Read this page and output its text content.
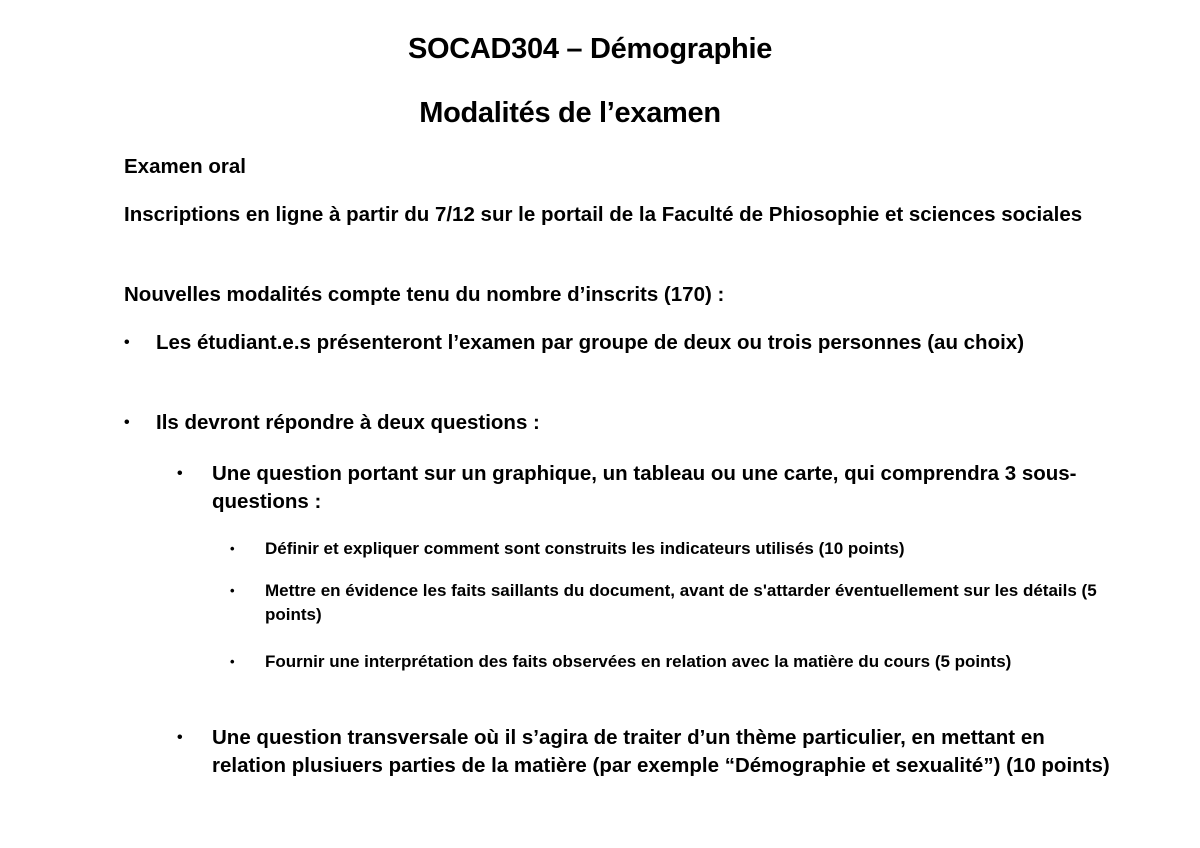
SOCAD304 – Démographie
Modalités de l’examen

Examen oral

Inscriptions en ligne à partir du 7/12 sur le portail de la Faculté de Phiosophie et sciences sociales

Nouvelles modalités compte tenu du nombre d’inscrits (170) :

•	Les étudiant.e.s présenteront l’examen par groupe de deux ou trois personnes (au choix)
•	Ils devront répondre à deux questions :
•	Une question portant sur un graphique, un tableau ou une carte, qui comprendra 3 sous-questions :
•	Définir et expliquer comment sont construits les indicateurs utilisés (10 points)
•	Mettre en évidence les faits saillants du document, avant de s'attarder éventuellement sur les détails (5 points)
•	Fournir une interprétation des faits observées en relation avec la matière du cours (5 points)
•	Une question transversale où il s’agira de traiter d’un thème particulier, en mettant en relation plusiuers parties de la matière (par exemple “Démographie et sexualité”) (10 points)
